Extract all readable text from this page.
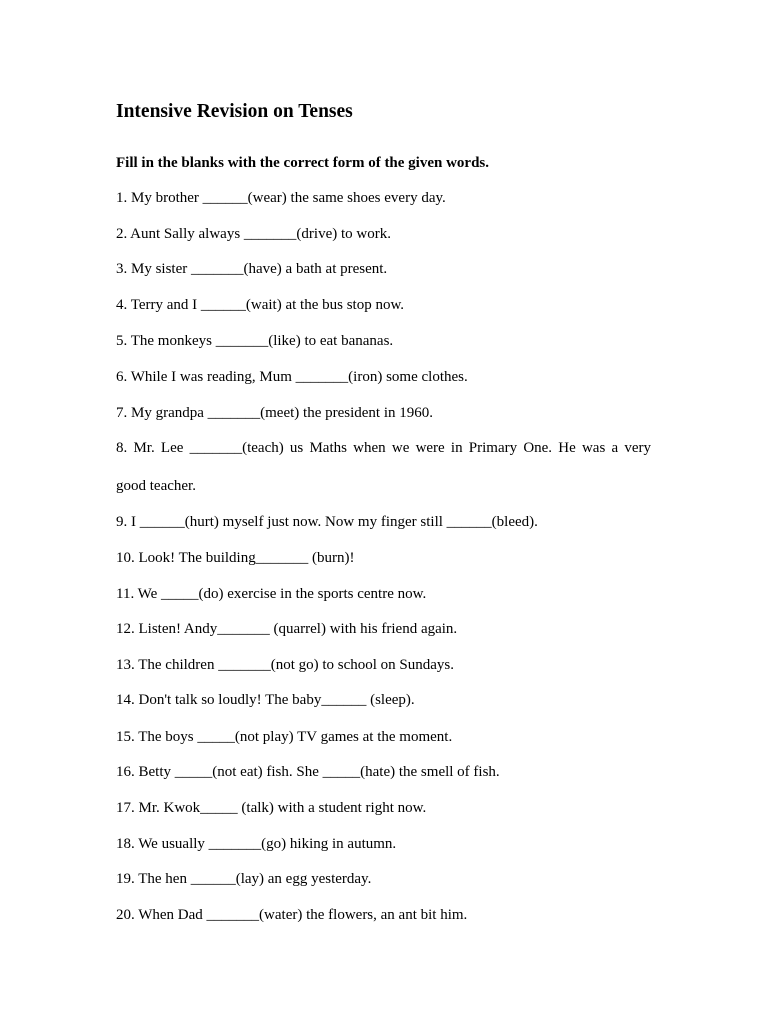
Intensive Revision on Tenses
Fill in the blanks with the correct form of the given words.
1. My brother ______(wear) the same shoes every day.
2. Aunt Sally always _______(drive) to work.
3. My sister _______(have) a bath at present.
4. Terry and I ______(wait) at the bus stop now.
5. The monkeys _______(like) to eat bananas.
6. While I was reading, Mum _______(iron) some clothes.
7. My grandpa _______(meet) the president in 1960.
8. Mr. Lee _______(teach) us Maths when we were in Primary One. He was a very
good teacher.
9. I ______(hurt) myself just now. Now my finger still ______(bleed).
10. Look! The building_______ (burn)!
11. We _____(do) exercise in the sports centre now.
12. Listen! Andy_______ (quarrel) with his friend again.
13. The children _______(not go) to school on Sundays.
14. Don't talk so loudly! The baby______ (sleep).
15. The boys _____(not play) TV games at the moment.
16. Betty _____(not eat) fish. She _____(hate) the smell of fish.
17. Mr. Kwok_____ (talk) with a student right now.
18. We usually _______(go) hiking in autumn.
19. The hen ______(lay) an egg yesterday.
20. When Dad _______(water) the flowers, an ant bit him.
